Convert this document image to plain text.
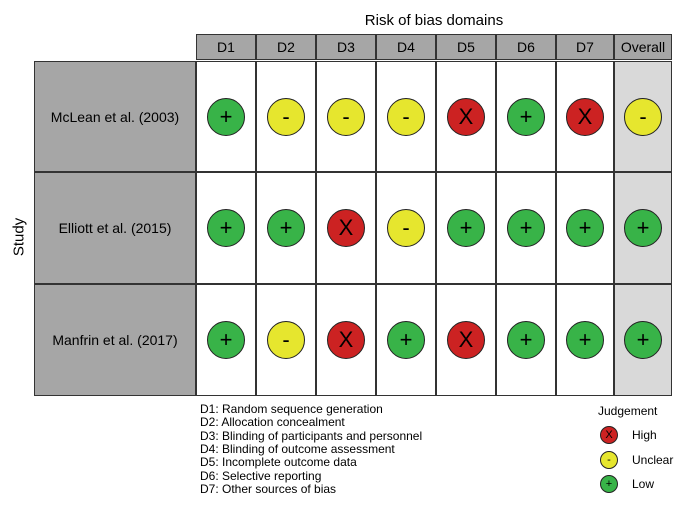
Risk of bias domains
Study
D1	D2	D3	D4	D5	D6	D7	Overall
McLean et al. (2003)	+	-	-	-	X	+	X	-
Elliott et al. (2015)	+	+	X	-	+	+	+	+
Manfrin et al. (2017)	+	-	X	+	X	+	+	+
D1: Random sequence generation
D2: Allocation concealment
D3: Blinding of participants and personnel
D4: Blinding of outcome assessment
D5: Incomplete outcome data
D6: Selective reporting
D7: Other sources of bias
Judgement
X	High
-	Unclear
+	Low
